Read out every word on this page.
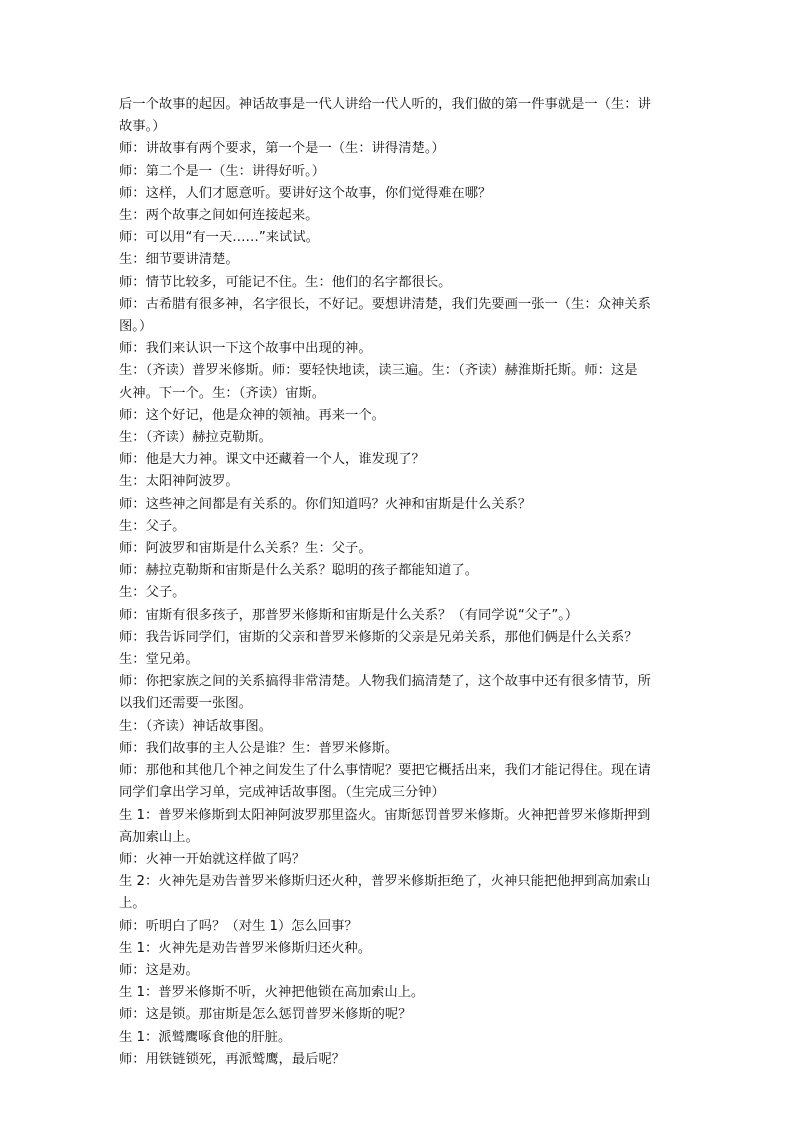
后一个故事的起因。神话故事是一代人讲给一代人听的，我们做的第一件事就是一（生：讲
故事。）
师：讲故事有两个要求，第一个是一（生：讲得清楚。）
师：第二个是一（生：讲得好听。）
师：这样，人们才愿意听。要讲好这个故事，你们觉得难在哪？
生：两个故事之间如何连接起来。
师：可以用“有一天……”来试试。
生：细节要讲清楚。
师：情节比较多，可能记不住。生：他们的名字都很长。
师：古希腊有很多神，名字很长，不好记。要想讲清楚，我们先要画一张一（生：众神关系
图。）
师：我们来认识一下这个故事中出现的神。
生：（齐读）普罗米修斯。师：要轻快地读，读三遍。生：（齐读）赫淮斯托斯。师：这是
火神。下一个。生：（齐读）宙斯。
师：这个好记，他是众神的领袖。再来一个。
生：（齐读）赫拉克勒斯。
师：他是大力神。课文中还藏着一个人，谁发现了？
生：太阳神阿波罗。
师：这些神之间都是有关系的。你们知道吗？火神和宙斯是什么关系？
生：父子。
师：阿波罗和宙斯是什么关系？生：父子。
师：赫拉克勒斯和宙斯是什么关系？聪明的孩子都能知道了。
生：父子。
师：宙斯有很多孩子，那普罗米修斯和宙斯是什么关系？（有同学说“父子”。）
师：我告诉同学们，宙斯的父亲和普罗米修斯的父亲是兄弟关系，那他们俩是什么关系？
生：堂兄弟。
师：你把家族之间的关系搞得非常清楚。人物我们搞清楚了，这个故事中还有很多情节，所
以我们还需要一张图。
生：（齐读）神话故事图。
师：我们故事的主人公是谁？生：普罗米修斯。
师：那他和其他几个神之间发生了什么事情呢？要把它概括出来，我们才能记得住。现在请
同学们拿出学习单，完成神话故事图。（生完成三分钟）
生 1：普罗米修斯到太阳神阿波罗那里盗火。宙斯惩罚普罗米修斯。火神把普罗米修斯押到
高加索山上。
师：火神一开始就这样做了吗？
生 2：火神先是劝告普罗米修斯归还火种，普罗米修斯拒绝了，火神只能把他押到高加索山
上。
师：听明白了吗？（对生 1）怎么回事？
生 1：火神先是劝告普罗米修斯归还火种。
师：这是劝。
生 1：普罗米修斯不听，火神把他锁在高加索山上。
师：这是锁。那宙斯是怎么惩罚普罗米修斯的呢？
生 1：派鹫鹰啄食他的肝脏。
师：用铁链锁死，再派鹫鹰，最后呢？
